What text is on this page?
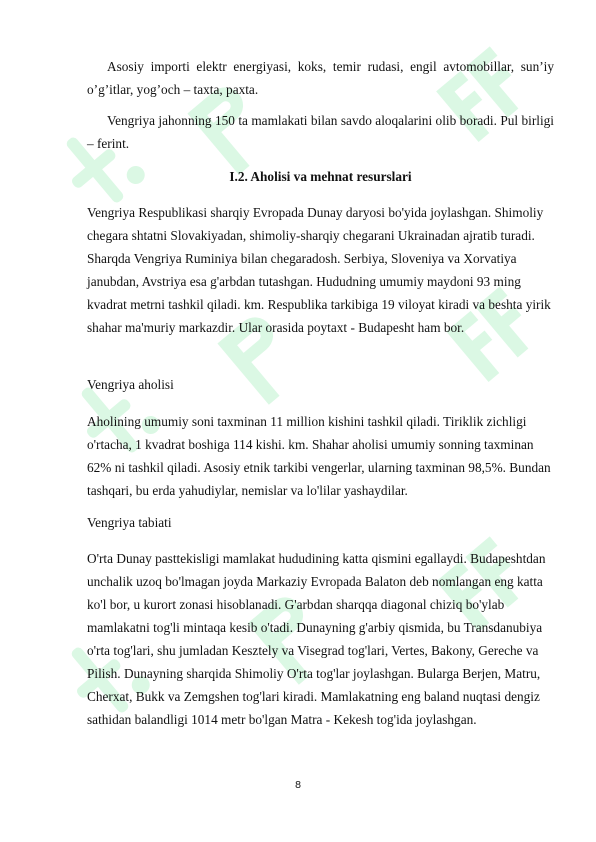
Asosiy importi elektr energiyasi, koks, temir rudasi, engil avtomobillar, sun’iy o’g’itlar, yog’och – taxta, paxta.

Vengriya jahonning 150 ta mamlakati bilan savdo aloqalarini olib boradi. Pul birligi – ferint.

I.2. Aholisi va mehnat resurslari

Vengriya Respublikasi sharqiy Evropada Dunay daryosi bo'yida joylashgan. Shimoliy chegara shtatni Slovakiyadan, shimoliy-sharqiy chegarani Ukrainadan ajratib turadi. Sharqda Vengriya Ruminiya bilan chegaradosh. Serbiya, Sloveniya va Xorvatiya janubdan, Avstriya esa g'arbdan tutashgan. Hududning umumiy maydoni 93 ming kvadrat metrni tashkil qiladi. km. Respublika tarkibiga 19 viloyat kiradi va beshta yirik shahar ma'muriy markazdir. Ular orasida poytaxt - Budapesht ham bor.

Vengriya aholisi

Aholining umumiy soni taxminan 11 million kishini tashkil qiladi. Tiriklik zichligi o'rtacha, 1 kvadrat boshiga 114 kishi. km. Shahar aholisi umumiy sonning taxminan 62% ni tashkil qiladi. Asosiy etnik tarkibi vengerlar, ularning taxminan 98,5%. Bundan tashqari, bu erda yahudiylar, nemislar va lo'lilar yashaydilar.

Vengriya tabiati

O'rta Dunay pasttekisligi mamlakat hududining katta qismini egallaydi. Budapeshtdan unchalik uzoq bo'lmagan joyda Markaziy Evropada Balaton deb nomlangan eng katta ko'l bor, u kurort zonasi hisoblanadi. G'arbdan sharqqa diagonal chiziq bo'ylab mamlakatni tog'li mintaqa kesib o'tadi. Dunayning g'arbiy qismida, bu Transdanubiya o'rta tog'lari, shu jumladan Kesztely va Visegrad tog'lari, Vertes, Bakony, Gereche va Pilish. Dunayning sharqida Shimoliy O'rta tog'lar joylashgan. Bularga Berjen, Matru, Cherxat, Bukk va Zemgshen tog'lari kiradi. Mamlakatning eng baland nuqtasi dengiz sathidan balandligi 1014 metr bo'lgan Matra - Kekesh tog'ida joylashgan.

8
